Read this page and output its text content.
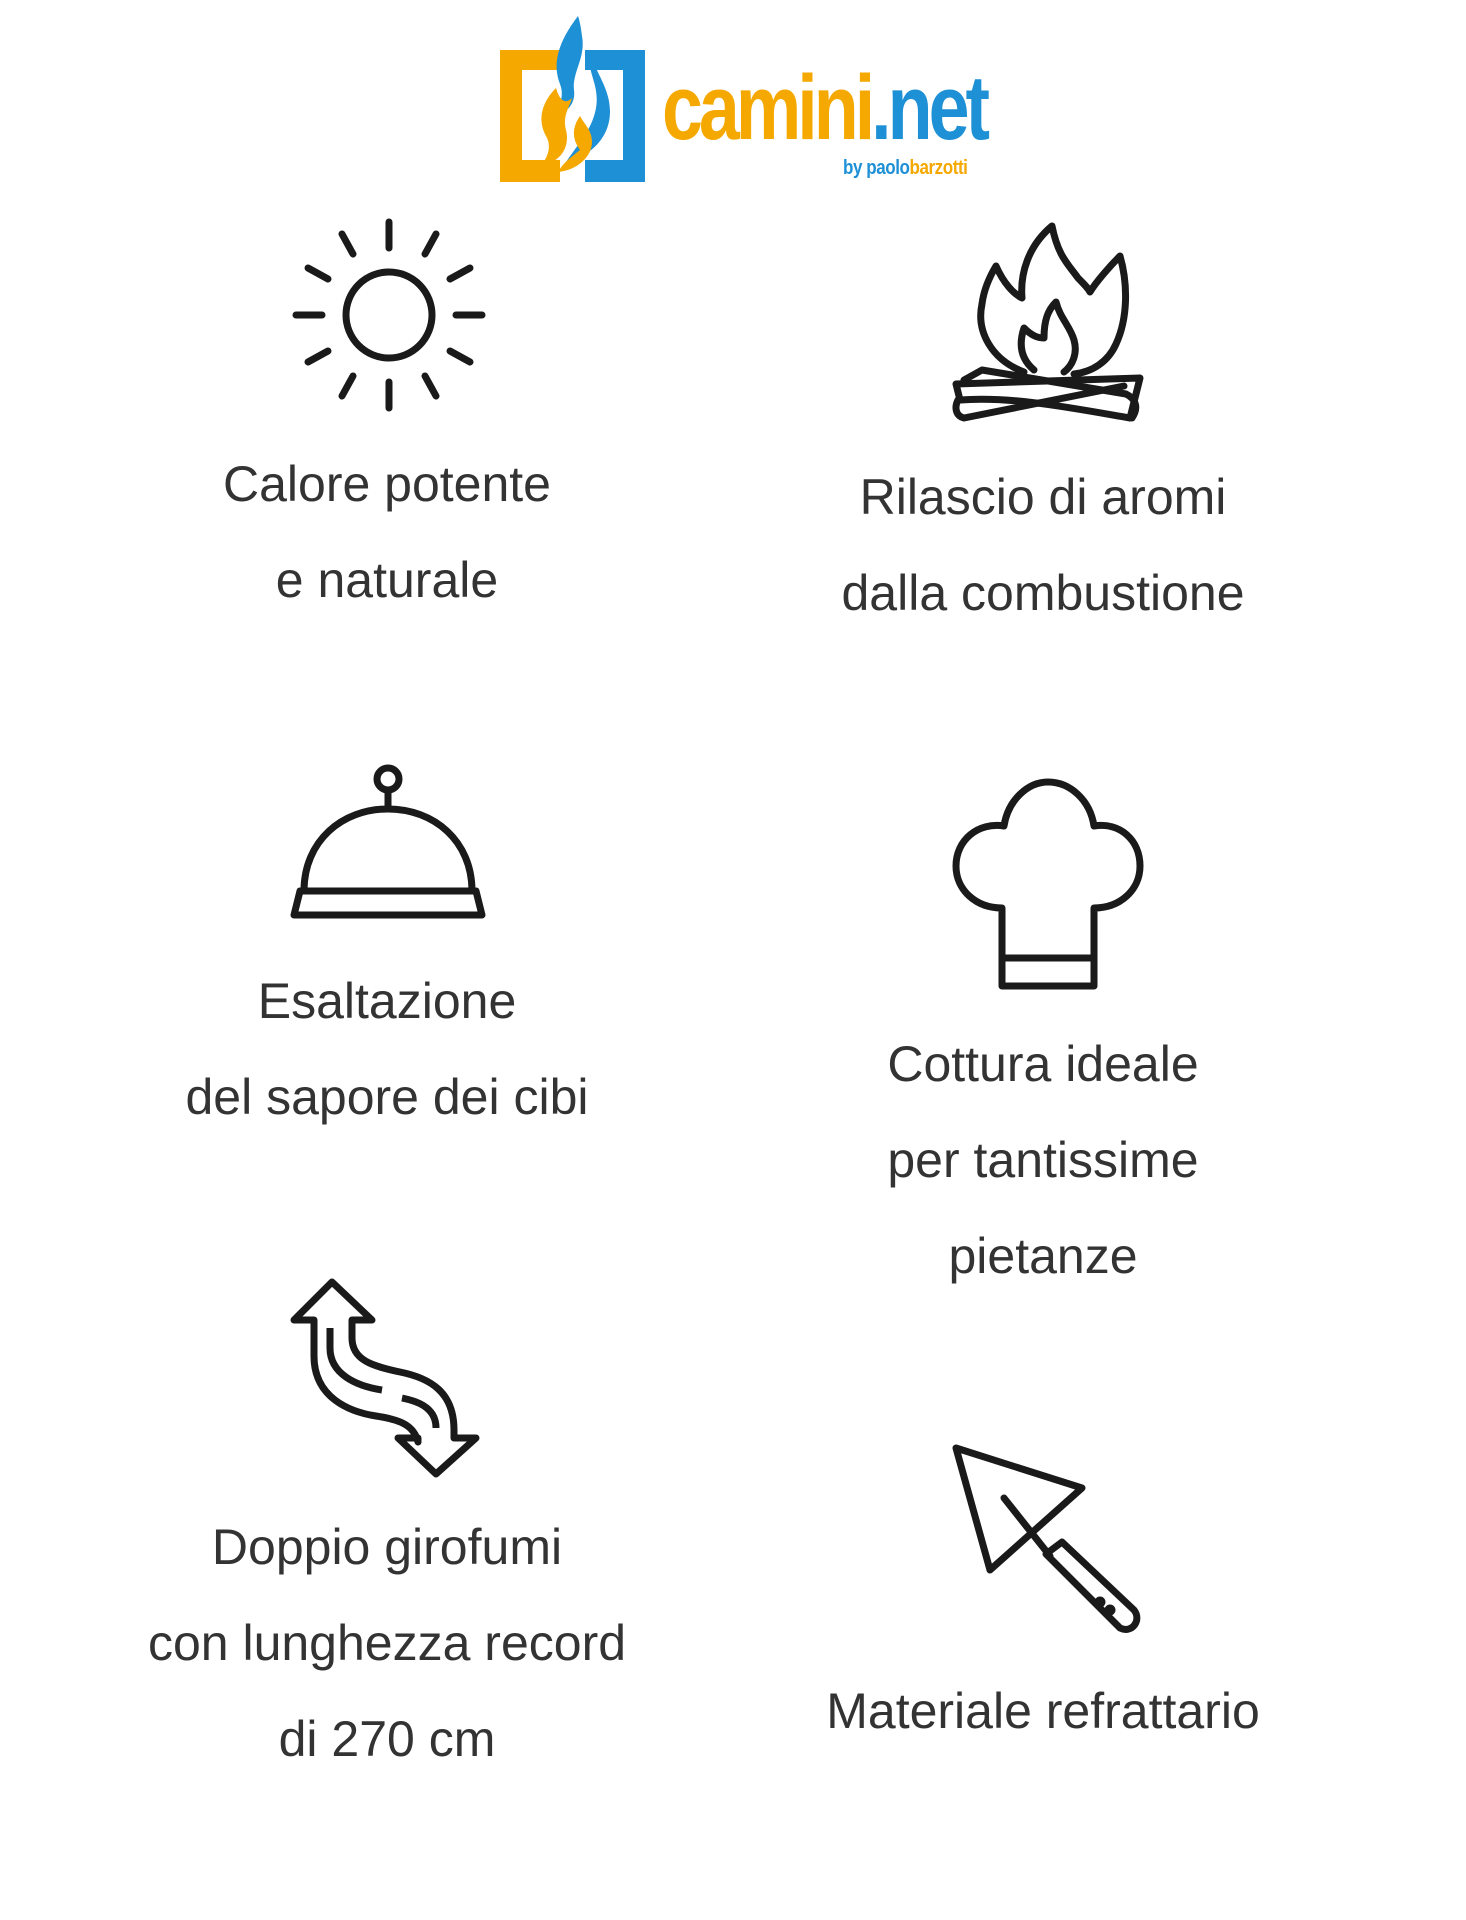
camini.net
by paolobarzotti
Calore potente
e naturale
Rilascio di aromi
dalla combustione
Esaltazione
del sapore dei cibi
Cottura ideale
per tantissime
pietanze
Doppio girofumi
con lunghezza record
di 270 cm	Materiale refrattario
